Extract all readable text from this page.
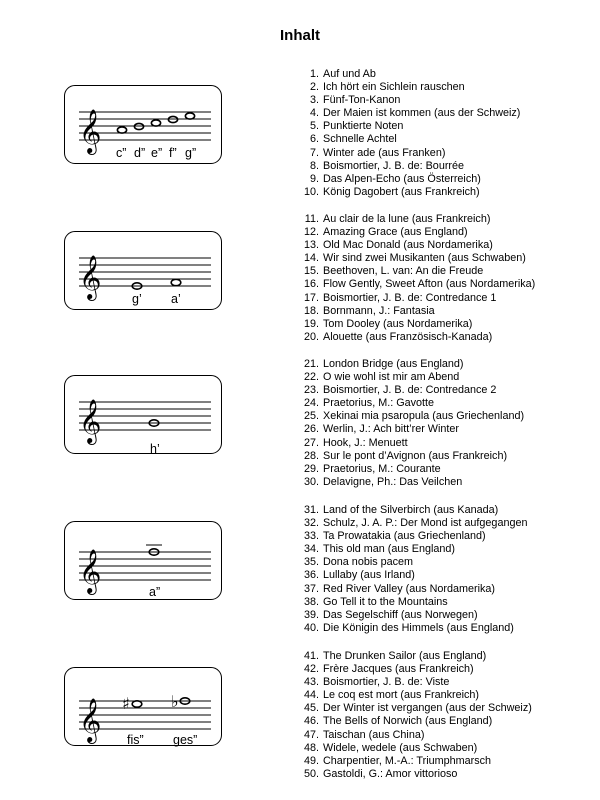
Inhalt
𝄞 c” d” e” f” g”
𝄞 g’ a’
𝄞
h’
𝄞	a”
𝄞 ♯	♭
fis” ges”
1. Auf und Ab
2. Ich hört ein Sichlein rauschen
3. Fünf-Ton-Kanon
4. Der Maien ist kommen (aus der Schweiz)
5. Punktierte Noten
6. Schnelle Achtel
7. Winter ade (aus Franken)
8. Boismortier, J. B. de: Bourrée
9. Das Alpen-Echo (aus Österreich)
10. König Dagobert (aus Frankreich)
11. Au clair de la lune (aus Frankreich)
12. Amazing Grace (aus England)
13. Old Mac Donald (aus Nordamerika)
14. Wir sind zwei Musikanten (aus Schwaben)
15. Beethoven, L. van: An die Freude
16. Flow Gently, Sweet Afton (aus Nordamerika)
17. Boismortier, J. B. de: Contredance 1
18. Bornmann, J.: Fantasia
19. Tom Dooley (aus Nordamerika)
20. Alouette (aus Französisch-Kanada)
21. London Bridge (aus England)
22. O wie wohl ist mir am Abend
23. Boismortier, J. B. de: Contredance 2
24. Praetorius, M.: Gavotte
25. Xekinai mia psaropula (aus Griechenland)
26. Werlin, J.: Ach bitt’rer Winter
27. Hook, J.: Menuett
28. Sur le pont d’Avignon (aus Frankreich)
29. Praetorius, M.: Courante
30. Delavigne, Ph.: Das Veilchen
31. Land of the Silverbirch (aus Kanada)
32. Schulz, J. A. P.: Der Mond ist aufgegangen
33. Ta Prowatakia (aus Griechenland)
34. This old man (aus England)
35. Dona nobis pacem
36. Lullaby (aus Irland)
37. Red River Valley (aus Nordamerika)
38. Go Tell it to the Mountains
39. Das Segelschiff (aus Norwegen)
40. Die Königin des Himmels (aus England)
41. The Drunken Sailor (aus England)
42. Frère Jacques (aus Frankreich)
43. Boismortier, J. B. de: Viste
44. Le coq est mort (aus Frankreich)
45. Der Winter ist vergangen (aus der Schweiz)
46. The Bells of Norwich (aus England)
47. Taischan (aus China)
48. Widele, wedele (aus Schwaben)
49. Charpentier, M.-A.: Triumphmarsch
50. Gastoldi, G.: Amor vittorioso
